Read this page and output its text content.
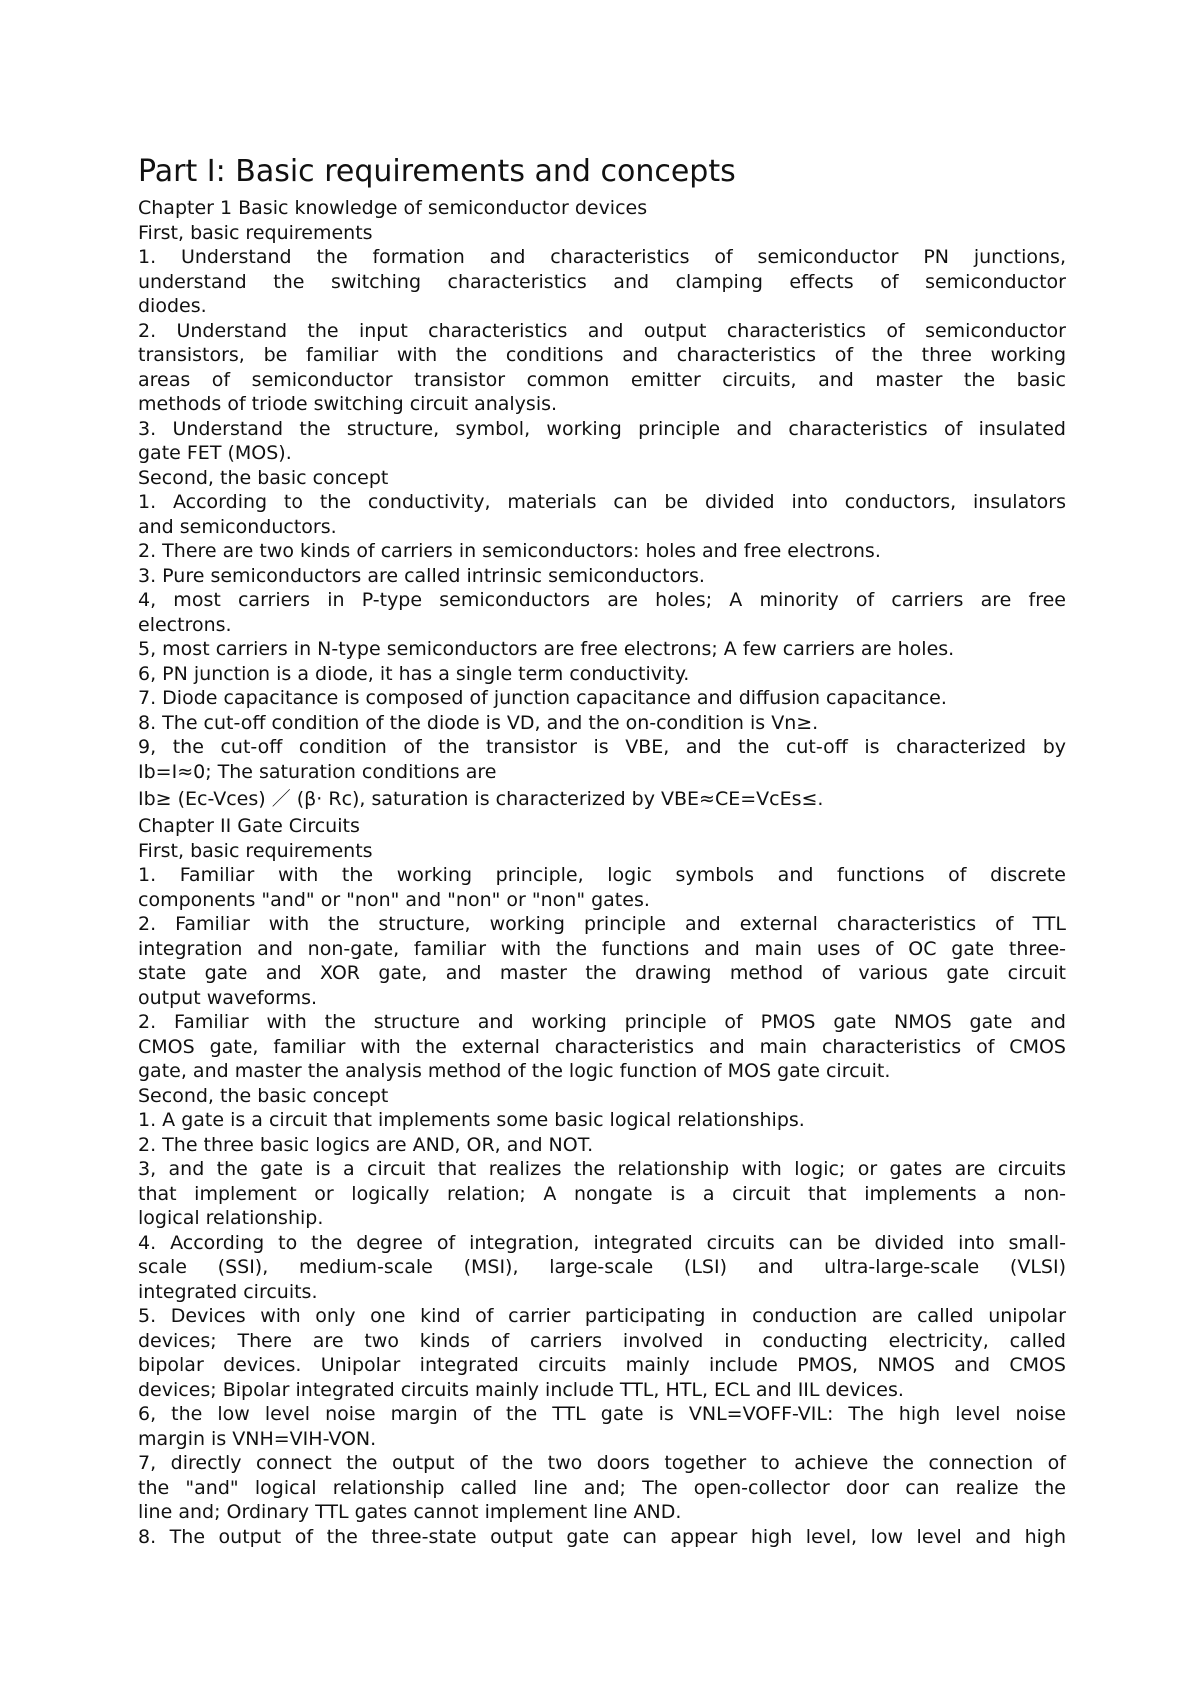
Part I: Basic requirements and concepts

Chapter 1 Basic knowledge of semiconductor devices

First, basic requirements

1. Understand the formation and characteristics of semiconductor PN junctions,

understand the switching characteristics and clamping effects of semiconductor

diodes.

2. Understand the input characteristics and output characteristics of semiconductor

transistors, be familiar with the conditions and characteristics of the three working

areas of semiconductor transistor common emitter circuits, and master the basic

methods of triode switching circuit analysis.

3. Understand the structure, symbol, working principle and characteristics of insulated

gate FET (MOS).

Second, the basic concept

1. According to the conductivity, materials can be divided into conductors, insulators

and semiconductors.

2. There are two kinds of carriers in semiconductors: holes and free electrons.

3. Pure semiconductors are called intrinsic semiconductors.

4, most carriers in P-type semiconductors are holes; A minority of carriers are free

electrons.

5, most carriers in N-type semiconductors are free electrons; A few carriers are holes.

6, PN junction is a diode, it has a single term conductivity.

7. Diode capacitance is composed of junction capacitance and diffusion capacitance.

8. The cut-off condition of the diode is VD, and the on-condition is Vn≥.

9, the cut-off condition of the transistor is VBE, and the cut-off is characterized by

Ib=I≈0; The saturation conditions are

Ib≥ (Ec-Vces) ／ (β· Rc), saturation is characterized by VBE≈CE=VcEs≤.

Chapter II Gate Circuits

First, basic requirements

1. Familiar with the working principle, logic symbols and functions of discrete

components "and" or "non" and "non" or "non" gates.

2. Familiar with the structure, working principle and external characteristics of TTL

integration and non-gate, familiar with the functions and main uses of OC gate three-

state gate and XOR gate, and master the drawing method of various gate circuit

output waveforms.

2. Familiar with the structure and working principle of PMOS gate NMOS gate and

CMOS gate, familiar with the external characteristics and main characteristics of CMOS

gate, and master the analysis method of the logic function of MOS gate circuit.

Second, the basic concept

1. A gate is a circuit that implements some basic logical relationships.

2. The three basic logics are AND, OR, and NOT.

3, and the gate is a circuit that realizes the relationship with logic; or gates are circuits

that implement or logically relation; A nongate is a circuit that implements a non-

logical relationship.

4. According to the degree of integration, integrated circuits can be divided into small-

scale (SSI), medium-scale (MSI), large-scale (LSI) and ultra-large-scale (VLSI)

integrated circuits.

5. Devices with only one kind of carrier participating in conduction are called unipolar

devices; There are two kinds of carriers involved in conducting electricity, called

bipolar devices. Unipolar integrated circuits mainly include PMOS, NMOS and CMOS

devices; Bipolar integrated circuits mainly include TTL, HTL, ECL and IIL devices.

6, the low level noise margin of the TTL gate is VNL=VOFF-VIL: The high level noise

margin is VNH=VIH-VON.

7, directly connect the output of the two doors together to achieve the connection of

the "and" logical relationship called line and; The open-collector door can realize the

line and; Ordinary TTL gates cannot implement line AND.

8. The output of the three-state output gate can appear high level, low level and high
